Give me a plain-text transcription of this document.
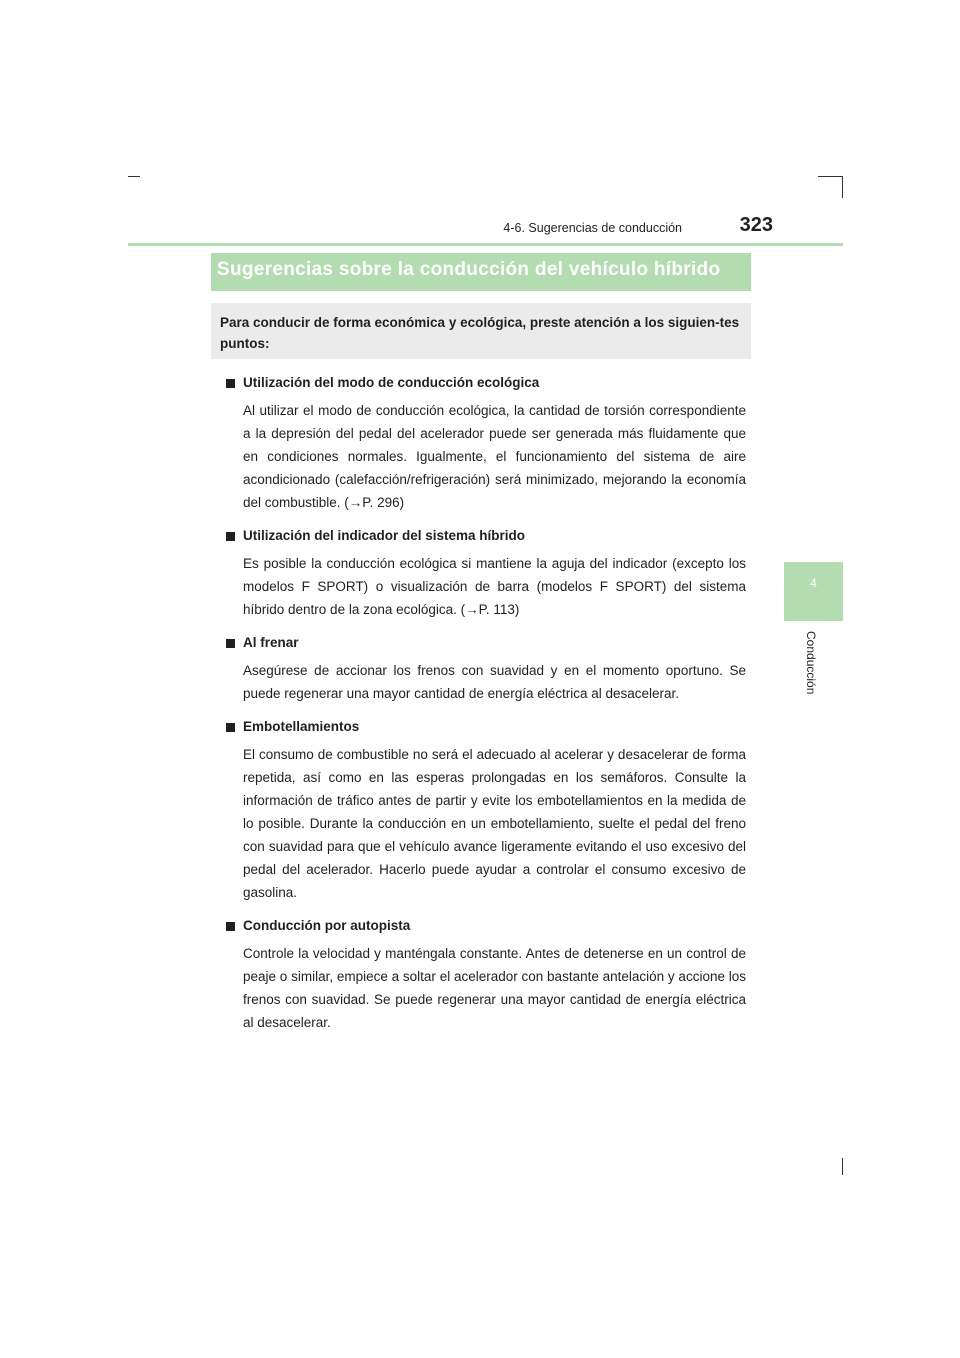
4-6. Sugerencias de conducción	323
4
Conducción
Sugerencias sobre la conducción del vehículo híbrido
Para conducir de forma económica y ecológica, preste atención a los siguien-tes puntos:
Utilización del modo de conducción ecológica
Al utilizar el modo de conducción ecológica, la cantidad de torsión correspondiente a la depresión del pedal del acelerador puede ser generada más fluidamente que en condiciones normales. Igualmente, el funcionamiento del sistema de aire acondicionado (calefacción/refrigeración) será minimizado, mejorando la economía del combustible. (→P. 296)
Utilización del indicador del sistema híbrido
Es posible la conducción ecológica si mantiene la aguja del indicador (excepto los modelos F SPORT) o visualización de barra (modelos F SPORT) del sistema híbrido dentro de la zona ecológica. (→P. 113)
Al frenar
Asegúrese de accionar los frenos con suavidad y en el momento oportuno. Se puede regenerar una mayor cantidad de energía eléctrica al desacelerar.
Embotellamientos
El consumo de combustible no será el adecuado al acelerar y desacelerar de forma repetida, así como en las esperas prolongadas en los semáforos. Consulte la información de tráfico antes de partir y evite los embotellamientos en la medida de lo posible. Durante la conducción en un embotellamiento, suelte el pedal del freno con suavidad para que el vehículo avance ligeramente evitando el uso excesivo del pedal del acelerador. Hacerlo puede ayudar a controlar el consumo excesivo de gasolina.
Conducción por autopista
Controle la velocidad y manténgala constante. Antes de detenerse en un control de peaje o similar, empiece a soltar el acelerador con bastante antelación y accione los frenos con suavidad. Se puede regenerar una mayor cantidad de energía eléctrica al desacelerar.
